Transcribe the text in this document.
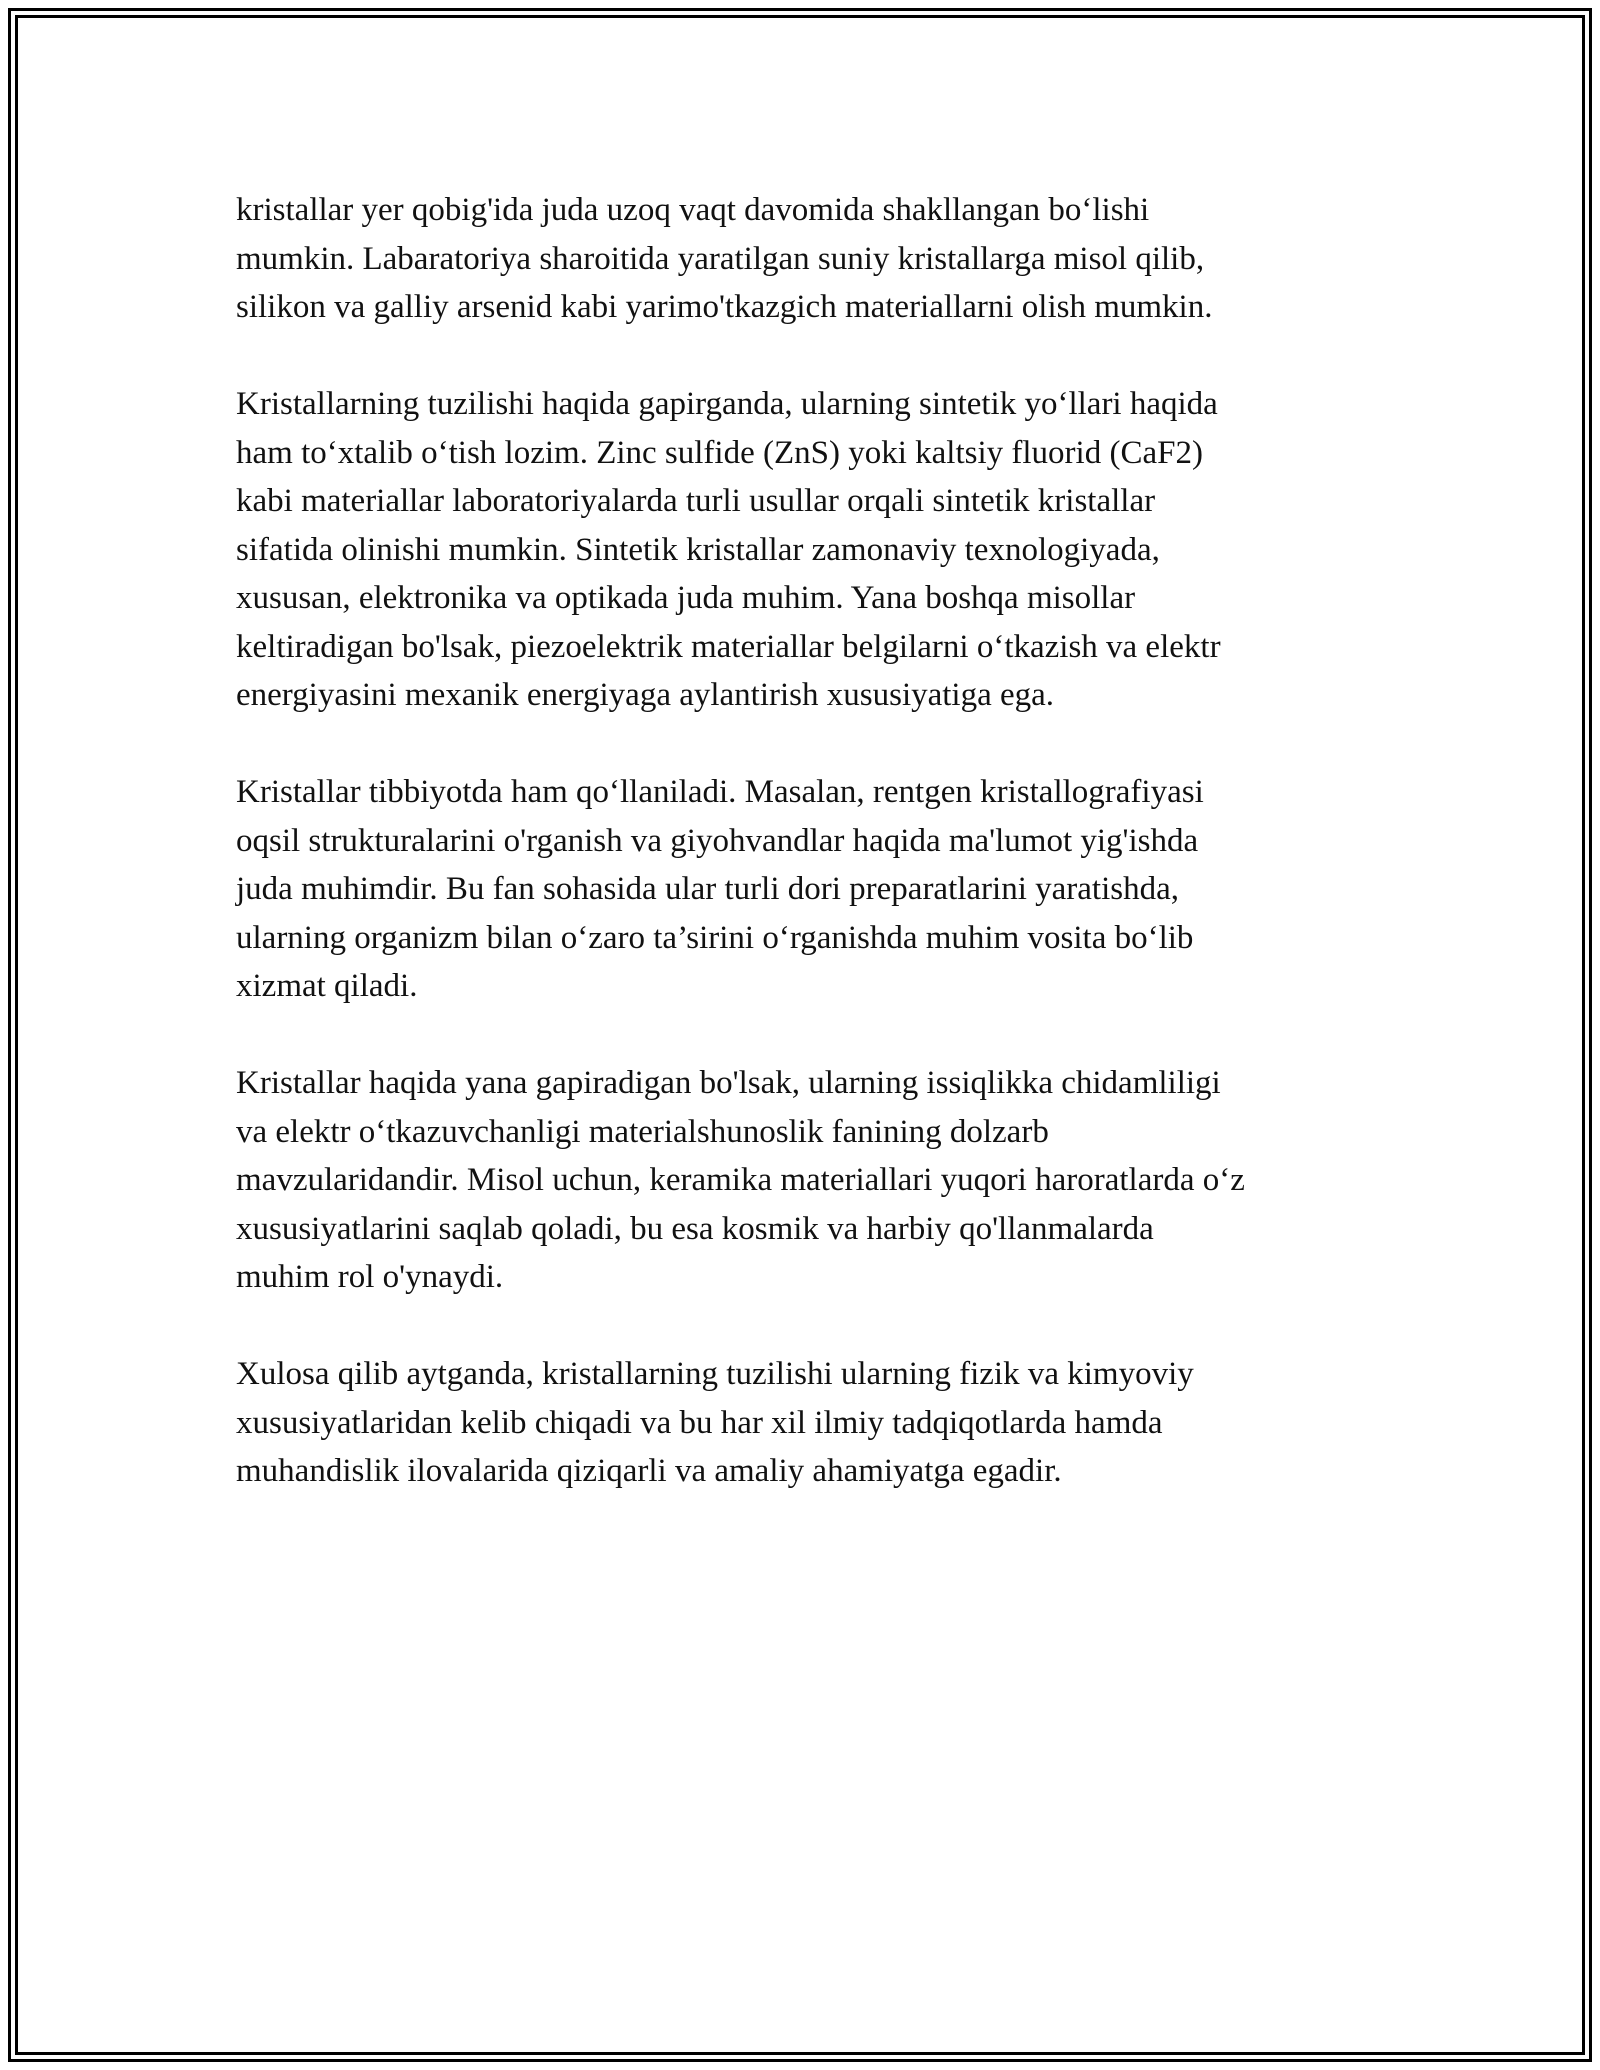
kristallar yer qobig'ida juda uzoq vaqt davomida shakllangan bo‘lishi
mumkin. Labaratoriya sharoitida yaratilgan suniy kristallarga misol qilib,
silikon va galliy arsenid kabi yarimo'tkazgich materiallarni olish mumkin.

Kristallarning tuzilishi haqida gapirganda, ularning sintetik yo‘llari haqida
ham to‘xtalib o‘tish lozim. Zinc sulfide (ZnS) yoki kaltsiy fluorid (CaF2)
kabi materiallar laboratoriyalarda turli usullar orqali sintetik kristallar
sifatida olinishi mumkin. Sintetik kristallar zamonaviy texnologiyada,
xususan, elektronika va optikada juda muhim. Yana boshqa misollar
keltiradigan bo'lsak, piezoelektrik materiallar belgilarni o‘tkazish va elektr
energiyasini mexanik energiyaga aylantirish xususiyatiga ega.

Kristallar tibbiyotda ham qo‘llaniladi. Masalan, rentgen kristallografiyasi
oqsil strukturalarini o'rganish va giyohvandlar haqida ma'lumot yig'ishda
juda muhimdir. Bu fan sohasida ular turli dori preparatlarini yaratishda,
ularning organizm bilan o‘zaro ta’sirini o‘rganishda muhim vosita bo‘lib
xizmat qiladi.

Kristallar haqida yana gapiradigan bo'lsak, ularning issiqlikka chidamliligi
va elektr o‘tkazuvchanligi materialshunoslik fanining dolzarb
mavzularidandir. Misol uchun, keramika materiallari yuqori haroratlarda o‘z
xususiyatlarini saqlab qoladi, bu esa kosmik va harbiy qo'llanmalarda
muhim rol o'ynaydi.

Xulosa qilib aytganda, kristallarning tuzilishi ularning fizik va kimyoviy
xususiyatlaridan kelib chiqadi va bu har xil ilmiy tadqiqotlarda hamda
muhandislik ilovalarida qiziqarli va amaliy ahamiyatga egadir.
